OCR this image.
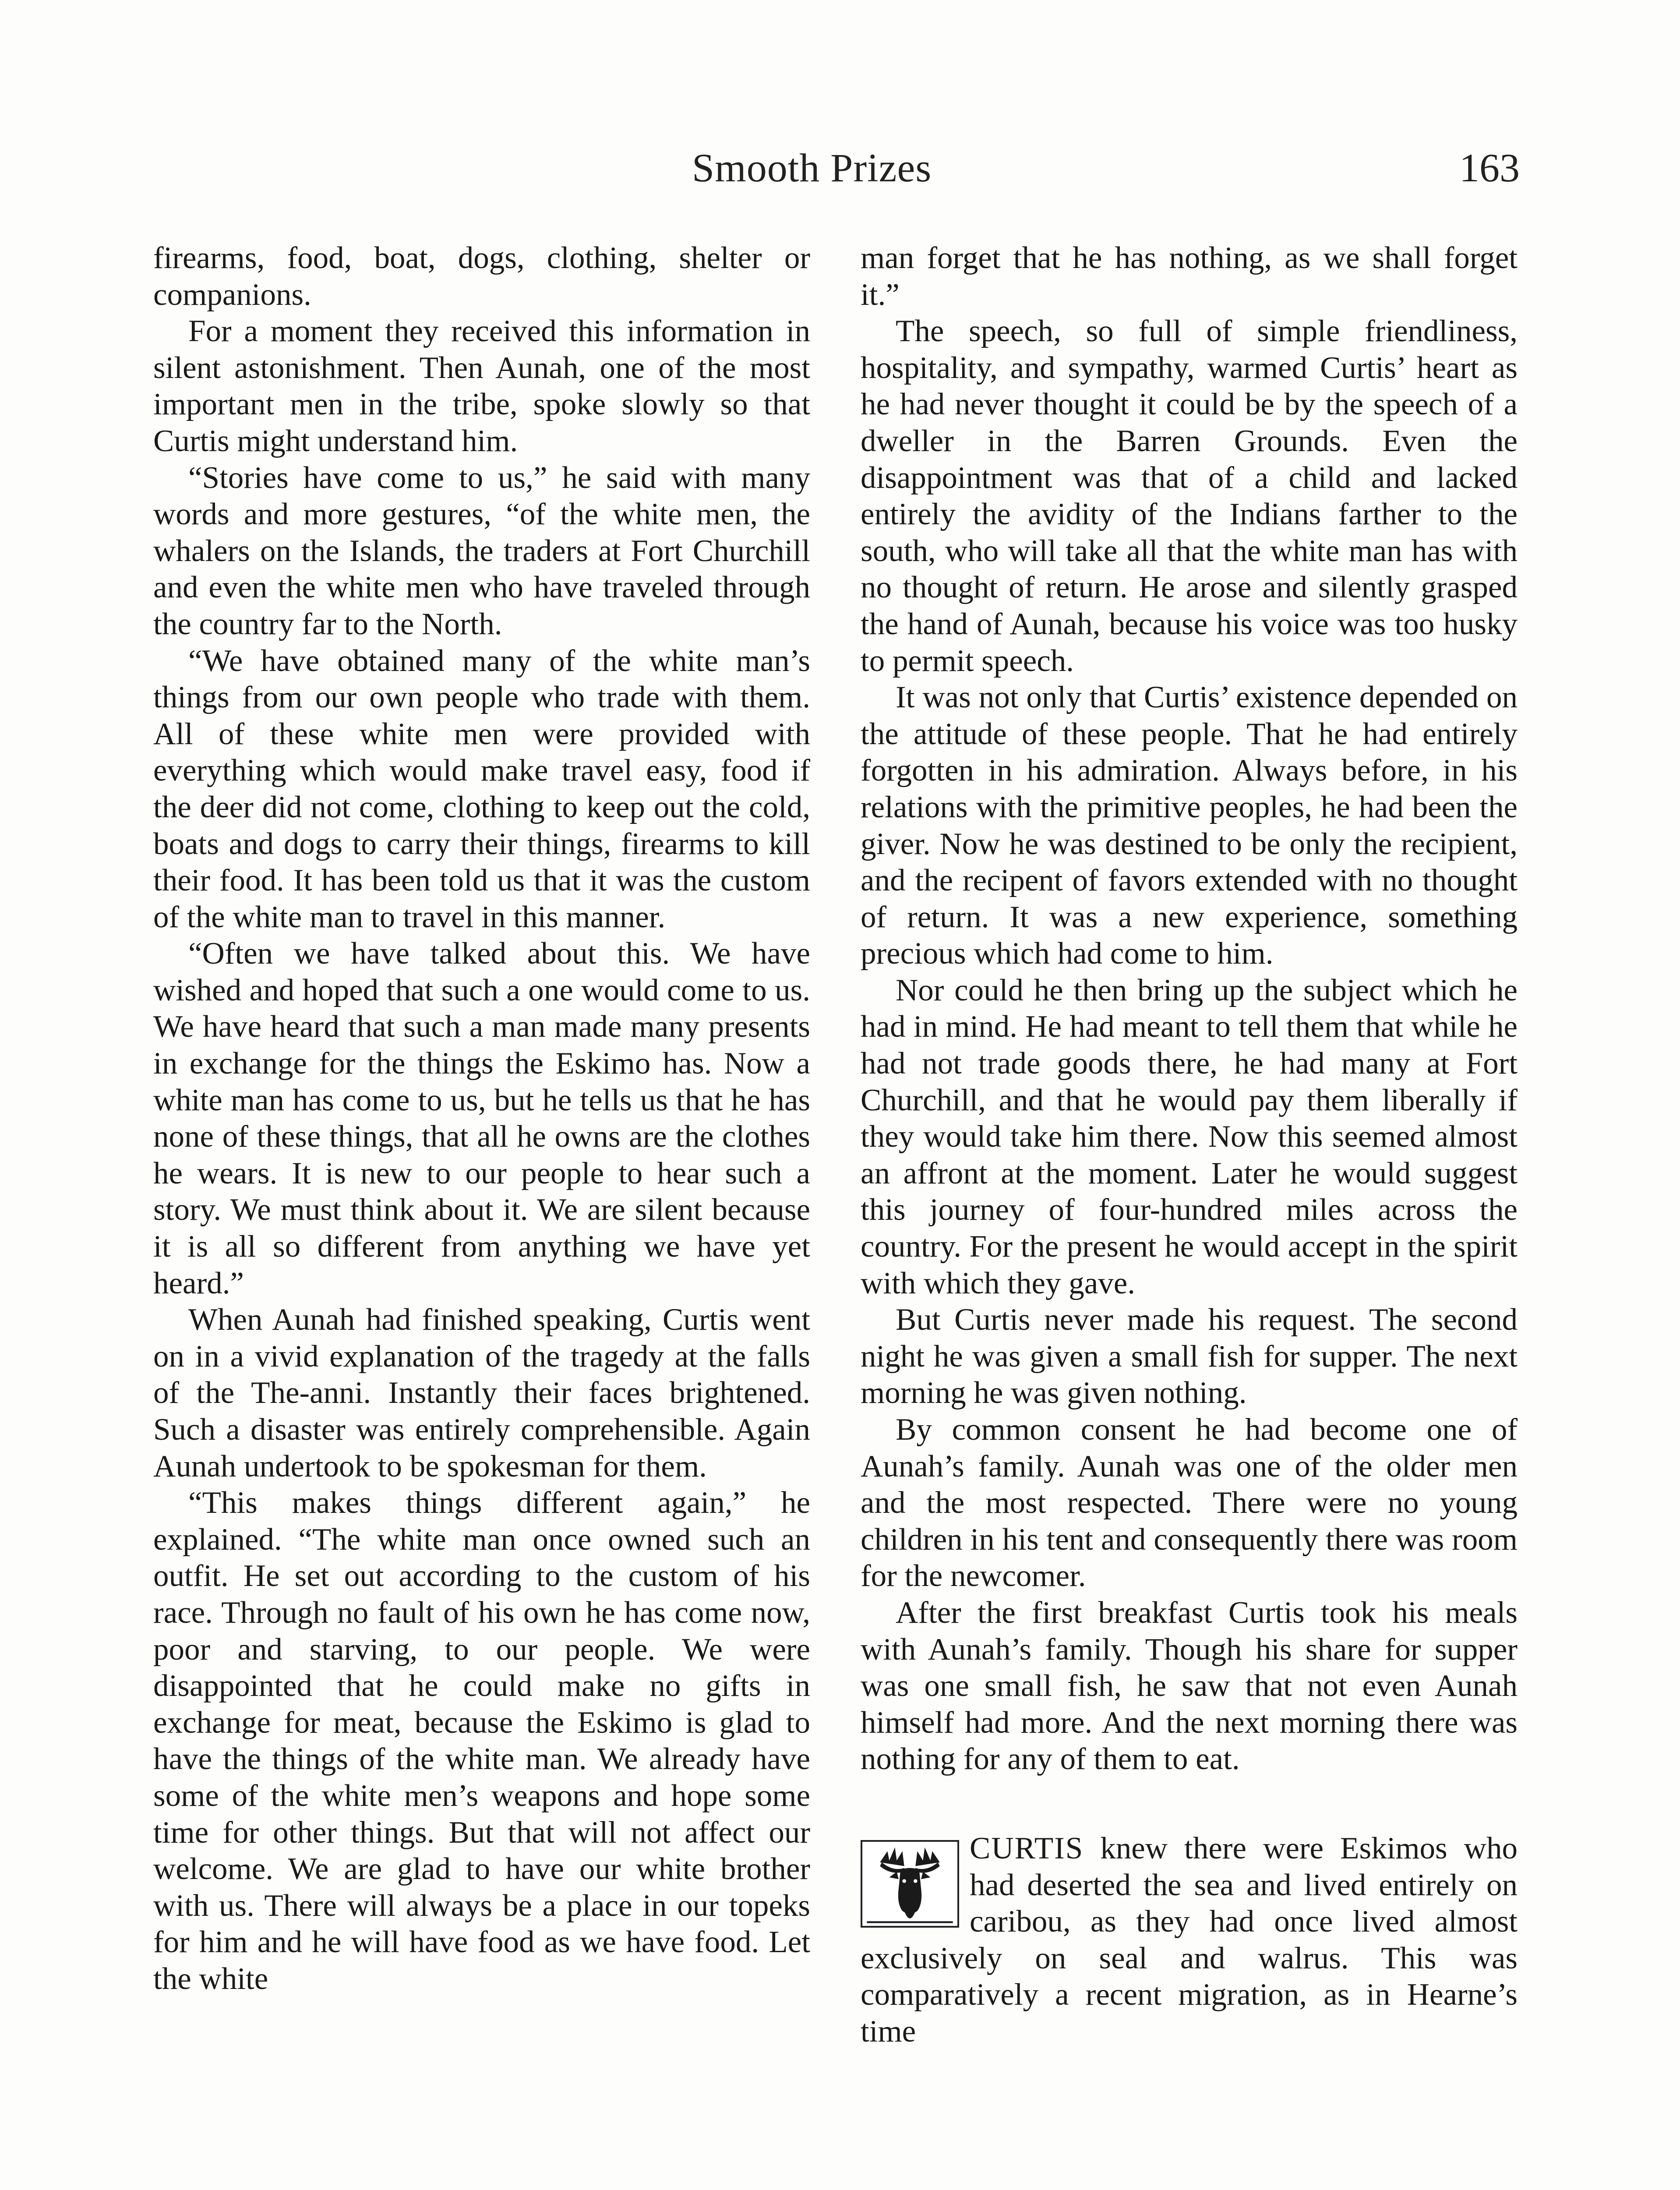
Smooth Prizes	163

firearms, food, boat, dogs, clothing, shelter or companions.

For a moment they received this information in silent astonishment. Then Aunah, one of the most important men in the tribe, spoke slowly so that Curtis might understand him.

“Stories have come to us,” he said with many words and more gestures, “of the white men, the whalers on the Islands, the traders at Fort Churchill and even the white men who have traveled through the country far to the North.

“We have obtained many of the white man’s things from our own people who trade with them. All of these white men were provided with everything which would make travel easy, food if the deer did not come, clothing to keep out the cold, boats and dogs to carry their things, firearms to kill their food. It has been told us that it was the custom of the white man to travel in this manner.

“Often we have talked about this. We have wished and hoped that such a one would come to us. We have heard that such a man made many presents in exchange for the things the Eskimo has. Now a white man has come to us, but he tells us that he has none of these things, that all he owns are the clothes he wears. It is new to our people to hear such a story. We must think about it. We are silent because it is all so different from anything we have yet heard.”

When Aunah had finished speaking, Curtis went on in a vivid explanation of the tragedy at the falls of the The-anni. Instantly their faces brightened. Such a disaster was entirely comprehensible. Again Aunah undertook to be spokesman for them.

“This makes things different again,” he explained. “The white man once owned such an outfit. He set out according to the custom of his race. Through no fault of his own he has come now, poor and starving, to our people. We were disappointed that he could make no gifts in exchange for meat, because the Eskimo is glad to have the things of the white man. We already have some of the white men’s weapons and hope some time for other things. But that will not affect our welcome. We are glad to have our white brother with us. There will always be a place in our topeks for him and he will have food as we have food. Let the white

man forget that he has nothing, as we shall forget it.”

The speech, so full of simple friendliness, hospitality, and sympathy, warmed Curtis’ heart as he had never thought it could be by the speech of a dweller in the Barren Grounds. Even the disappointment was that of a child and lacked entirely the avidity of the Indians farther to the south, who will take all that the white man has with no thought of return. He arose and silently grasped the hand of Aunah, because his voice was too husky to permit speech.

It was not only that Curtis’ existence depended on the attitude of these people. That he had entirely forgotten in his admiration. Always before, in his relations with the primitive peoples, he had been the giver. Now he was destined to be only the recipient, and the recipent of favors extended with no thought of return. It was a new experience, something precious which had come to him.

Nor could he then bring up the subject which he had in mind. He had meant to tell them that while he had not trade goods there, he had many at Fort Churchill, and that he would pay them liberally if they would take him there. Now this seemed almost an affront at the moment. Later he would suggest this journey of four-hundred miles across the country. For the present he would accept in the spirit with which they gave.

But Curtis never made his request. The second night he was given a small fish for supper. The next morning he was given nothing.

By common consent he had become one of Aunah’s family. Aunah was one of the older men and the most respected. There were no young children in his tent and consequently there was room for the newcomer.

After the first breakfast Curtis took his meals with Aunah’s family. Though his share for supper was one small fish, he saw that not even Aunah himself had more. And the next morning there was nothing for any of them to eat.

CURTIS knew there were Eskimos who had deserted the sea and lived entirely on caribou, as they had once lived almost exclusively on seal and walrus. This was comparatively a recent migration, as in Hearne’s time
